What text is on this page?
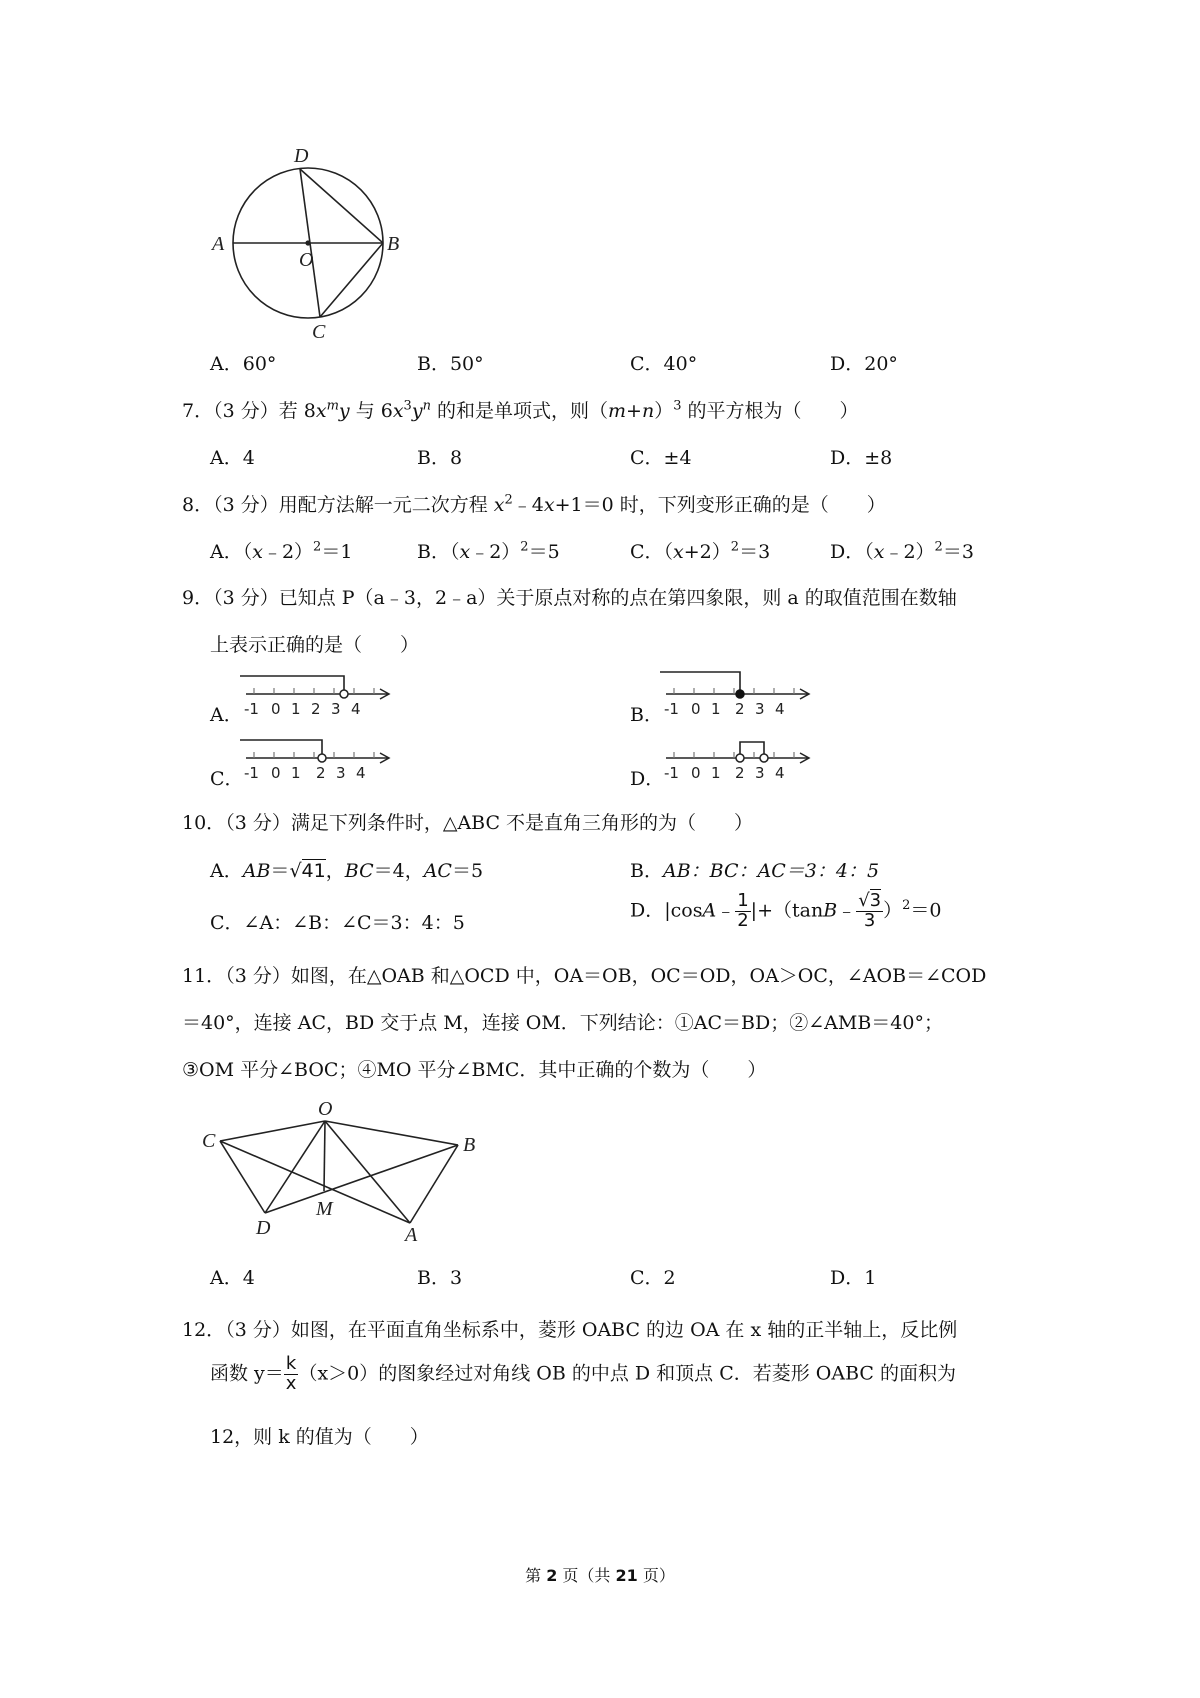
A	B
C
D
O
A．60°	B．50°	C．40°	D．20°
7．（3 分）若 $8x^my$ 与 $6x^3y^n$ 的和是单项式，则$(m+n)^3$ 的平方根为（　　）
A．4	B．8	C．±4	D．±8
8．（3 分）用配方法解一元二次方程 $x^2﹣4x+1=0$ 时，下列变形正确的是（　　）
A．（x﹣2）$^2$＝1	B．（x﹣2）$^2$＝5	C．$(x+2)^2=3$	D．（x﹣2）$^2$＝3
9．（3 分）已知点 P（a﹣3，2﹣a）关于原点对称的点在第四象限，则 a 的取值范围在数轴
上表示正确的是（　　）
A． -1 0 1 2 3 4	B． -1 0 1 2 3 4
C． -1 0 1 2 3 4	D． -1 0 1 2 3 4
10．（3 分）满足下列条件时，△ABC 不是直角三角形的为（　　）
A．AB＝√41，BC＝4，AC＝5	B．AB：BC：AC＝3：4：5
C．∠A：∠B：∠C＝3：4：5
D．|cosA﹣ $\frac{1}{2}$ |+（tanB﹣ $\frac{√3}{3} )^2=0$
11．（3 分）如图，在△OAB 和△OCD 中，OA＝OB，OC＝OD，OA＞OC，∠AOB＝∠COD
＝40°，连接 AC，BD 交于点 M，连接 OM．下列结论：①AC＝BD；②∠AMB＝40°；
③OM 平分∠BOC；④MO 平分∠BMC．其中正确的个数为（　　）
O
C	B
D
M
A
A．4	B．3	C．2	D．1
12．（3 分）如图，在平面直角坐标系中，菱形 OABC 的边 OA 在 x 轴的正半轴上，反比例
函数 $y= \frac{k}{x} (x>0)$的图象经过对角线 OB 的中点 D 和顶点 C．若菱形 OABC 的面积为
12，则 k 的值为（　　）
第 2 页（共 21 页）
